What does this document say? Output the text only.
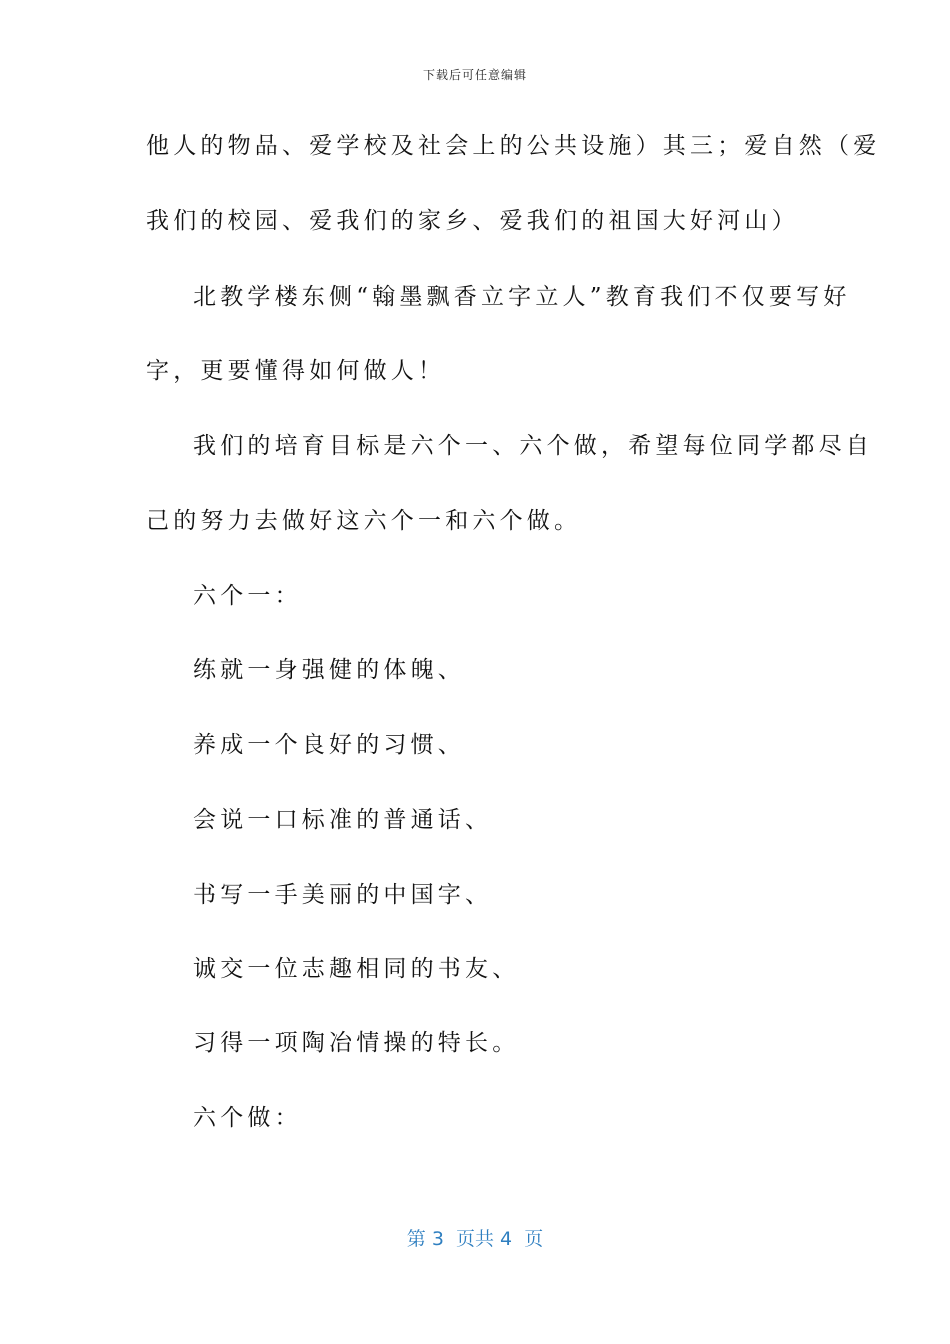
下载后可任意编辑
他人的物品、爱学校及社会上的公共设施）其三；爱自然（爱
我们的校园、爱我们的家乡、爱我们的祖国大好河山）
北教学楼东侧“翰墨飘香立字立人”教育我们不仅要写好
字，更要懂得如何做人！
我们的培育目标是六个一、六个做，希望每位同学都尽自
己的努力去做好这六个一和六个做。
六个一：
练就一身强健的体魄、
养成一个良好的习惯、
会说一口标准的普通话、
书写一手美丽的中国字、
诚交一位志趣相同的书友、
习得一项陶冶情操的特长。
六个做：
第 3  页共 4  页
